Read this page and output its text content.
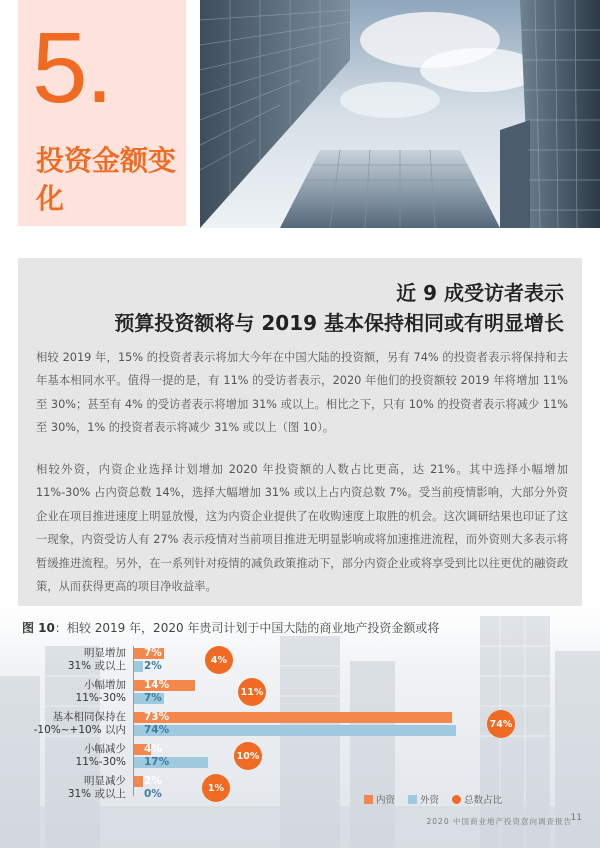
5.
投资金额变化
近 9 成受访者表示
预算投资额将与 2019 基本保持相同或有明显增长

相较 2019 年，15% 的投资者表示将加大今年在中国大陆的投资额，另有 74% 的投资者表示将保持和去年基本相同水平。值得一提的是，有 11% 的受访者表示，2020 年他们的投资额较 2019 年将增加 11% 至 30%；甚至有 4% 的受访者表示将增加 31% 或以上。相比之下，只有 10% 的投资者表示将减少 11% 至 30%，1% 的投资者表示将减少 31% 或以上（图 10）。

相较外资，内资企业选择计划增加 2020 年投资额的人数占比更高，达 21%。其中选择小幅增加 11%-30% 占内资总数 14%，选择大幅增加 31% 或以上占内资总数 7%。受当前疫情影响，大部分外资企业在项目推进速度上明显放慢，这为内资企业提供了在收购速度上取胜的机会。这次调研结果也印证了这一现象，内资受访人有 27% 表示疫情对当前项目推进无明显影响或将加速推进流程，而外资则大多表示将暂缓推进流程。另外，在一系列针对疫情的减负政策推动下，部分内资企业或将享受到比以往更优的融资政策，从而获得更高的项目净收益率。

图 10：相较 2019 年，2020 年贵司计划于中国大陆的商业地产投资金额或将
内资	外资	总数占比
明显增加
31% 或以上
7%
2%	4%
小幅增加
11%-30%
14%
7%	11%
基本相同保持在
-10%~+10% 以内
73%
74%	74%
小幅减少
11%-30%
4%
17%	10%
明显减少
31% 或以上
2%
0%	1%
2020 中国商业地产投资意向调查报告
11
